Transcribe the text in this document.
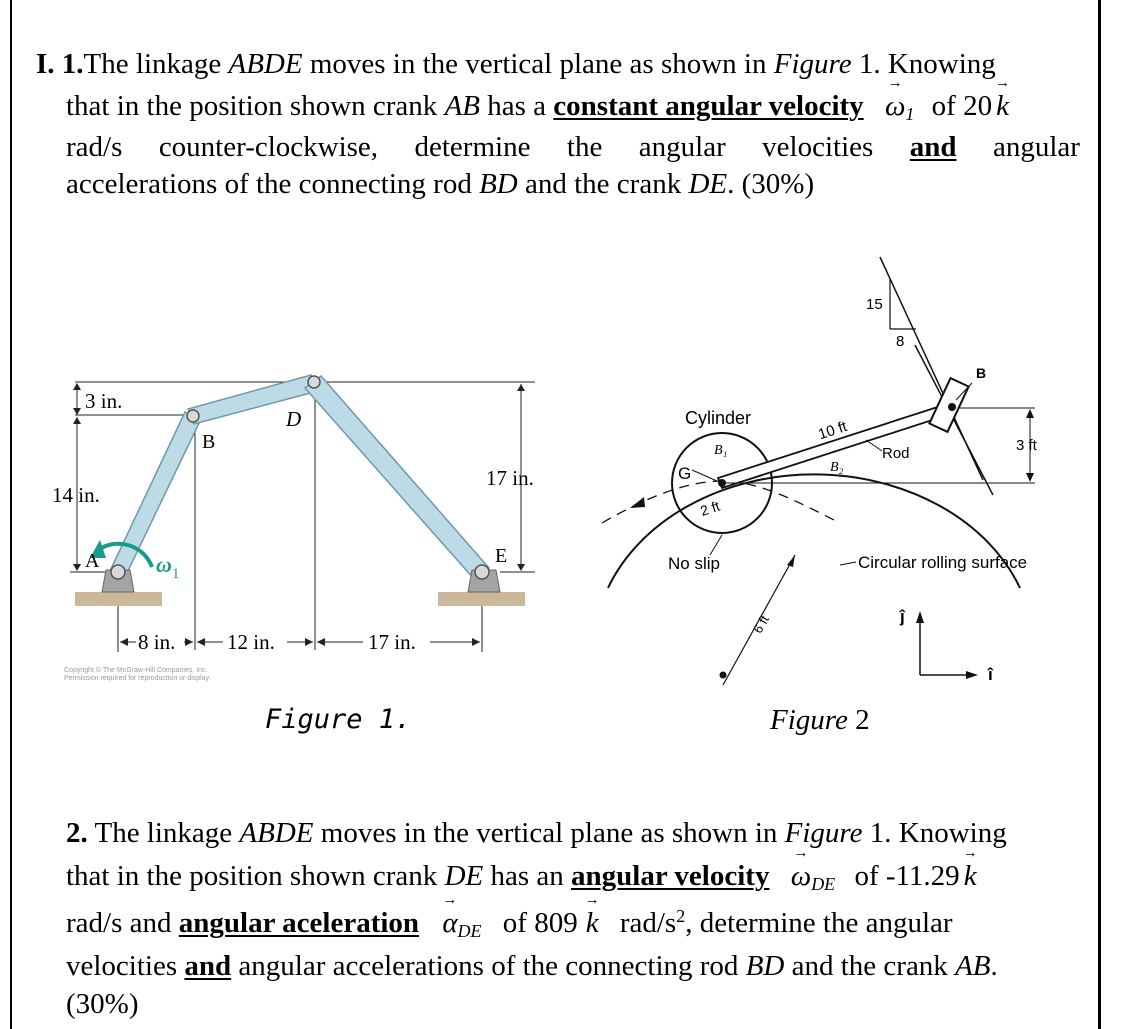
I. 1.The linkage ABDE moves in the vertical plane as shown in Figure 1. Knowing
that in the position shown crank AB has a constant angular velocity → $\omega_1$ of 20 → k
rad/s counter-clockwise, determine the angular velocities and angular
accelerations of the connecting rod BD and the crank DE. (30%)
3 in.
14 in.
17 in.
ω 1
A
B
D
E
8 in. 12 in.	17 in.
Copyright © The McGraw-Hill Companies, Inc.
Permission required for reproduction or display.
Figure 1.
3 ft
15
8
Cylinder
B₁
G
2 ft
10 ft
B₂
Rod
B
No slip	Circular rolling surface
6 ft	ĵ
î
Figure 2
2. The linkage ABDE moves in the vertical plane as shown in Figure 1. Knowing
that in the position shown crank DE has an angular velocity → $\omega_{DE}$ of -11.29 → k
rad/s and angular aceleration → $\alpha_{DE}$ of 809 → k rad/$s^2$, determine the angular
velocities and angular accelerations of the connecting rod BD and the crank AB.
(30%)
